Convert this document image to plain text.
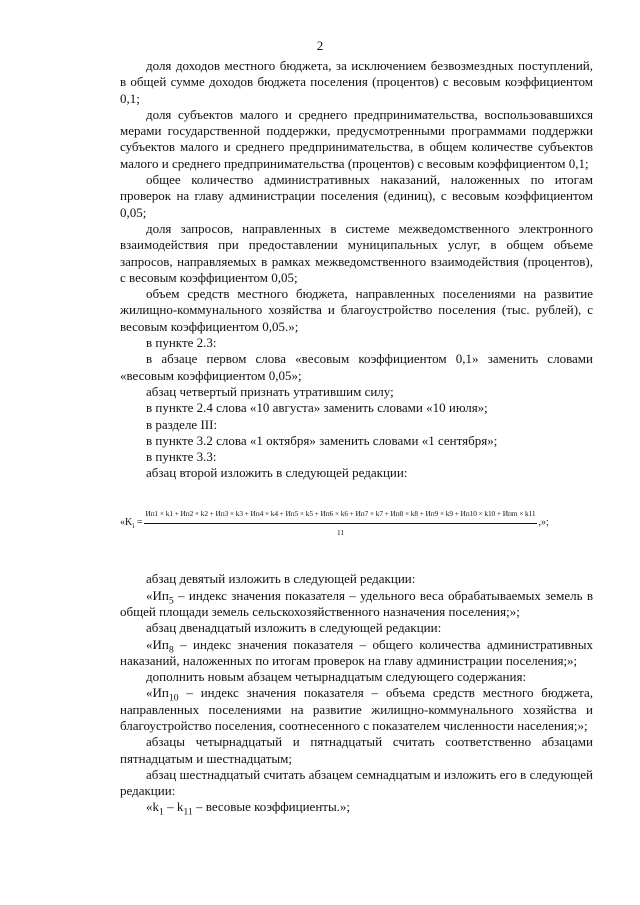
2

доля доходов местного бюджета, за исключением безвозмездных поступлений, в общей сумме доходов бюджета поселения (процентов) с весовым коэффициентом 0,1;

доля субъектов малого и среднего предпринимательства, воспользовавшихся мерами государственной поддержки, предусмотренными программами поддержки субъектов малого и среднего предпринимательства, в общем количестве субъектов малого и среднего предпринимательства (процентов) с весовым коэффициентом 0,1;

общее количество административных наказаний, наложенных по итогам проверок на главу администрации поселения (единиц), с весовым коэффициентом 0,05;

доля запросов, направленных в системе межведомственного электронного взаимодействия при предоставлении муниципальных услуг, в общем объеме запросов, направляемых в рамках межведомственного взаимодействия (процентов), с весовым коэффициентом 0,05;

объем средств местного бюджета, направленных поселениями на развитие жилищно-коммунального хозяйства и благоустройство поселения (тыс. рублей), с весовым коэффициентом 0,05.»;

в пункте 2.3:

в абзаце первом слова «весовым коэффициентом 0,1» заменить словами «весовым коэффициентом 0,05»;

абзац четвертый признать утратившим силу;

в пункте 2.4 слова «10 августа» заменить словами «10 июля»;

в разделе III:

в пункте 3.2 слова «1 октября» заменить словами «1 сентября»;

в пункте 3.3:

абзац второй изложить в следующей редакции:

«$K_i$ =
Ип1 × k1 + Ип2 × k2 + Ип3 × k3 + Ип4 × k4 + Ип5 × k5 + Ип6 × k6 + Ип7 × k7 + Ип8 × k8 + Ип9 × k9 + Ип10 × k10 + Ипm × k11
11
,»;

абзац девятый изложить в следующей редакции:

«$Ип_5$ – индекс значения показателя – удельного веса обрабатываемых земель в общей площади земель сельскохозяйственного назначения поселения;»;

абзац двенадцатый изложить в следующей редакции:

«$Ип_8$ – индекс значения показателя – общего количества административных наказаний, наложенных по итогам проверок на главу администрации поселения;»;

дополнить новым абзацем четырнадцатым следующего содержания:

«$Ип_{10}$ – индекс значения показателя – объема средств местного бюджета, направленных поселениями на развитие жилищно-коммунального хозяйства и благоустройство поселения, соотнесенного с показателем численности населения;»;

абзацы четырнадцатый и пятнадцатый считать соответственно абзацами пятнадцатым и шестнадцатым;

абзац шестнадцатый считать абзацем семнадцатым и изложить его в следующей редакции:

«$k_1 - k_{11}$ – весовые коэффициенты.»;
